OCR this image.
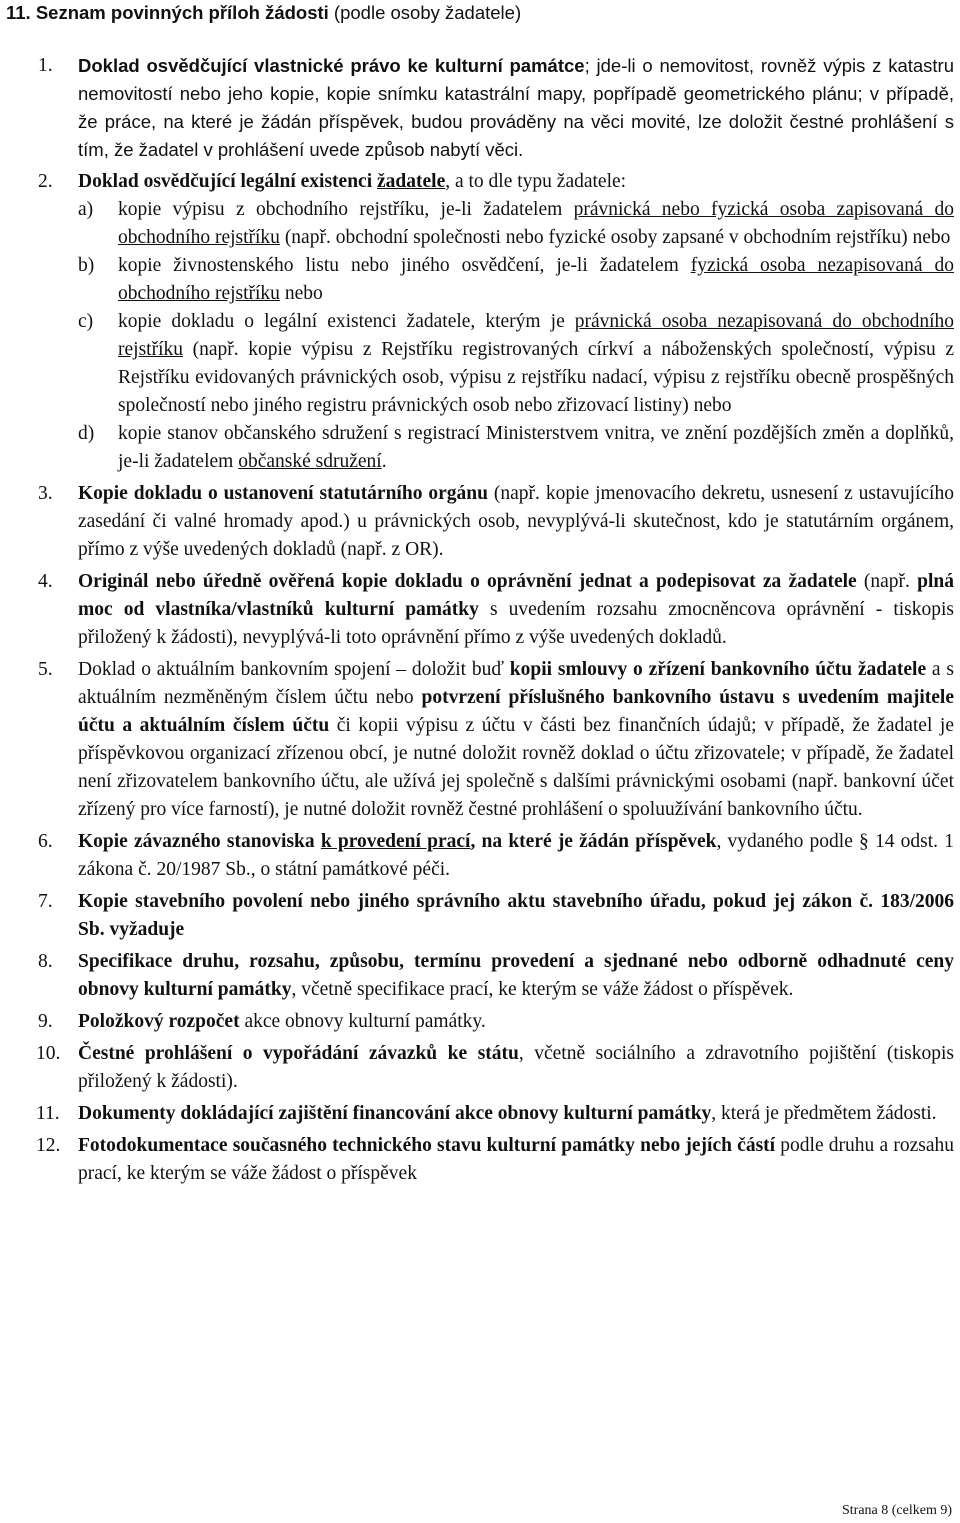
11. Seznam povinných příloh žádosti (podle osoby žadatele)
1.	Doklad osvědčující vlastnické právo ke kulturní památce; jde-li o nemovitost, rovněž výpis z katastru nemovitostí nebo jeho kopie, kopie snímku katastrální mapy, popřípadě geometrického plánu; v případě, že práce, na které je žádán příspěvek, budou prováděny na věci movité, lze doložit čestné prohlášení s tím, že žadatel v prohlášení uvede způsob nabytí věci.
2.	Doklad osvědčující legální existenci žadatele, a to dle typu žadatele:
a)	kopie výpisu z obchodního rejstříku, je-li žadatelem právnická nebo fyzická osoba zapisovaná do obchodního rejstříku (např. obchodní společnosti nebo fyzické osoby zapsané v obchodním rejstříku) nebo
b)	kopie živnostenského listu nebo jiného osvědčení, je-li žadatelem fyzická osoba nezapisovaná do obchodního rejstříku nebo
c)	kopie dokladu o legální existenci žadatele, kterým je právnická osoba nezapisovaná do obchodního rejstříku (např. kopie výpisu z Rejstříku registrovaných církví a náboženských společností, výpisu z Rejstříku evidovaných právnických osob, výpisu z rejstříku nadací, výpisu z rejstříku obecně prospěšných společností nebo jiného registru právnických osob nebo zřizovací listiny) nebo
d)	kopie stanov občanského sdružení s registrací Ministerstvem vnitra, ve znění pozdějších změn a doplňků, je-li žadatelem občanské sdružení.
3.	Kopie dokladu o ustanovení statutárního orgánu (např. kopie jmenovacího dekretu, usnesení z ustavujícího zasedání či valné hromady apod.) u právnických osob, nevyplývá-li skutečnost, kdo je statutárním orgánem, přímo z výše uvedených dokladů (např. z OR).
4.	Originál nebo úředně ověřená kopie dokladu o oprávnění jednat a podepisovat za žadatele (např. plná moc od vlastníka/vlastníků kulturní památky s uvedením rozsahu zmocněncova oprávnění - tiskopis přiložený k žádosti), nevyplývá-li toto oprávnění přímo z výše uvedených dokladů.
5.	Doklad o aktuálním bankovním spojení – doložit buď kopii smlouvy o zřízení bankovního účtu žadatele a s aktuálním nezměněným číslem účtu nebo potvrzení příslušného bankovního ústavu s uvedením majitele účtu a aktuálním číslem účtu či kopii výpisu z účtu v části bez finančních údajů; v případě, že žadatel je příspěvkovou organizací zřízenou obcí, je nutné doložit rovněž doklad o účtu zřizovatele; v případě, že žadatel není zřizovatelem bankovního účtu, ale užívá jej společně s dalšími právnickými osobami (např. bankovní účet zřízený pro více farností), je nutné doložit rovněž čestné prohlášení o spoluužívání bankovního účtu.
6.	Kopie závazného stanoviska k provedení prací, na které je žádán příspěvek, vydaného podle § 14 odst. 1 zákona č. 20/1987 Sb., o státní památkové péči.
7.	Kopie stavebního povolení nebo jiného správního aktu stavebního úřadu, pokud jej zákon č. 183/2006 Sb. vyžaduje
8.	Specifikace druhu, rozsahu, způsobu, termínu provedení a sjednané nebo odborně odhadnuté ceny obnovy kulturní památky, včetně specifikace prací, ke kterým se váže žádost o příspěvek.
9.	Položkový rozpočet akce obnovy kulturní památky.
10. Čestné prohlášení o vypořádání závazků ke státu, včetně sociálního a zdravotního pojištění (tiskopis přiložený k žádosti).
11. Dokumenty dokládající zajištění financování akce obnovy kulturní památky, která je předmětem žádosti.
12. Fotodokumentace současného technického stavu kulturní památky nebo jejích částí podle druhu a rozsahu prací, ke kterým se váže žádost o příspěvek
Strana 8 (celkem 9)
